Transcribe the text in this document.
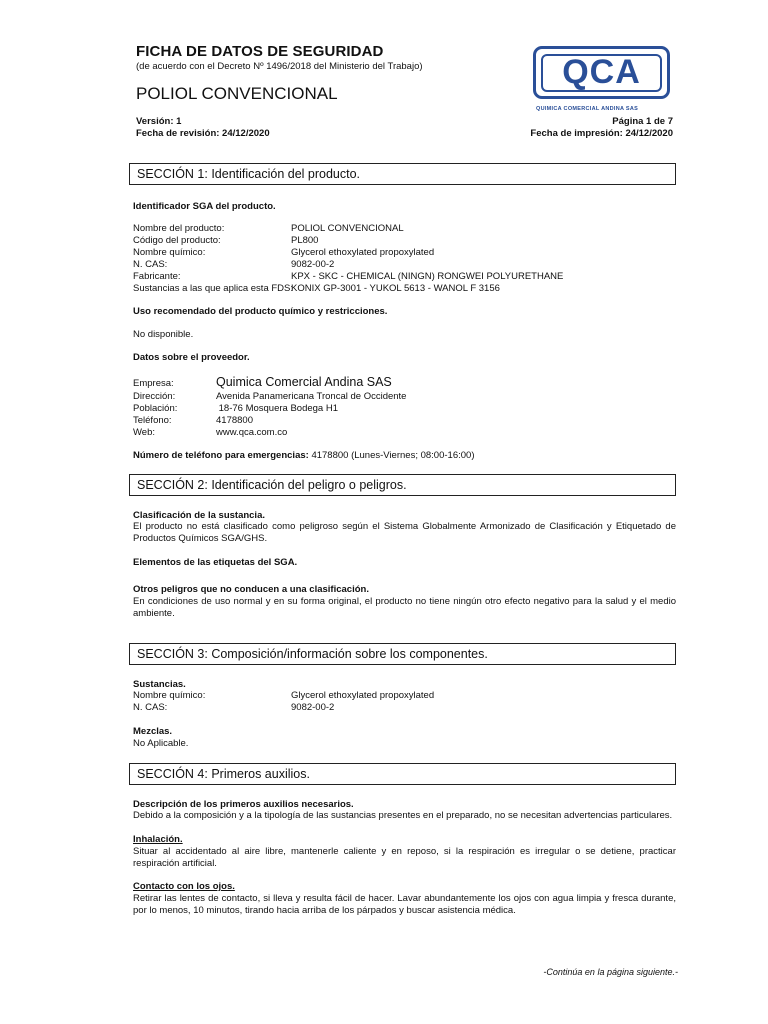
FICHA DE DATOS DE SEGURIDAD
(de acuerdo con el Decreto Nº 1496/2018 del Ministerio del Trabajo)
POLIOL CONVENCIONAL
Versión: 1
Fecha de revisión: 24/12/2020
Página 1 de 7
Fecha de impresión: 24/12/2020
QCA
QUIMICA COMERCIAL ANDINA SAS
SECCIÓN 1: Identificación del producto.
Identificador SGA del producto.
Nombre del producto:	POLIOL CONVENCIONAL
Código del producto:	PL800
Nombre químico:	Glycerol ethoxylated propoxylated
N. CAS:	9082-00-2
Fabricante:	KPX - SKC - CHEMICAL (NINGN) RONGWEI POLYURETHANE
Sustancias a las que aplica esta FDS:
KONIX GP-3001 - YUKOL 5613 - WANOL F 3156
Uso recomendado del producto químico y restricciones.
No disponible.
Datos sobre el proveedor.
Empresa:	Quimica Comercial Andina SAS
Dirección:	Avenida Panamericana Troncal de Occidente
Población:	18-76 Mosquera Bodega H1
Teléfono:	4178800
Web:	www.qca.com.co
Número de teléfono para emergencias: 4178800 (Lunes-Viernes; 08:00-16:00)
SECCIÓN 2: Identificación del peligro o peligros.
Clasificación de la sustancia.
El producto no está clasificado como peligroso según el Sistema Globalmente Armonizado de Clasificación y Etiquetado de Productos Químicos SGA/GHS.
Elementos de las etiquetas del SGA.
Otros peligros que no conducen a una clasificación.
En condiciones de uso normal y en su forma original, el producto no tiene ningún otro efecto negativo para la salud y el medio ambiente.
SECCIÓN 3: Composición/información sobre los componentes.
Sustancias.
Nombre químico:	Glycerol ethoxylated propoxylated
N. CAS:	9082-00-2
Mezclas.
No Aplicable.
SECCIÓN 4: Primeros auxilios.
Descripción de los primeros auxilios necesarios.
Debido a la composición y a la tipología de las sustancias presentes en el preparado, no se necesitan advertencias particulares.
Inhalación.
Situar al accidentado al aire libre, mantenerle caliente y en reposo, si la respiración es irregular o se detiene, practicar respiración artificial.
Contacto con los ojos.
Retirar las lentes de contacto, si lleva y resulta fácil de hacer. Lavar abundantemente los ojos con agua limpia y fresca durante, por lo menos, 10 minutos, tirando hacia arriba de los párpados y buscar asistencia médica.
-Continúa en la página siguiente.-
